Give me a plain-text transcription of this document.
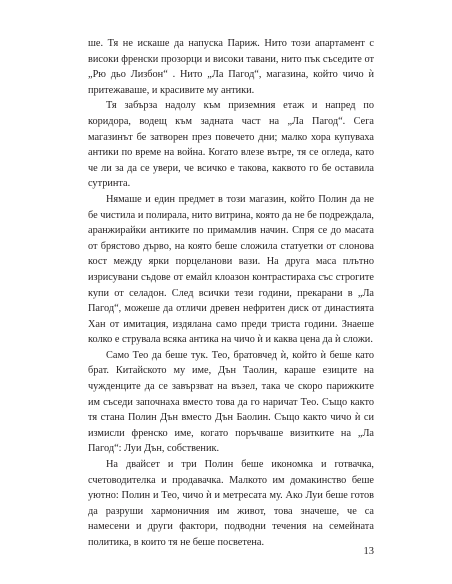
ше. Тя не искаше да напуска Париж. Нито този апартамент с високи френски прозорци и високи тавани, нито пък съседите от „Рю дьо Лизбон“ . Нито „Ла Пагод“, магазина, който чичо ѝ притежаваше, и красивите му антики.

Тя забърза надолу към приземния етаж и напред по коридора, водещ към задната част на „Ла Пагод“. Сега магазинът бе затворен през повечето дни; малко хора купуваха антики по време на война. Когато влезе вътре, тя се огледа, като че ли за да се увери, че всичко е такова, каквото го бе оставила сутринта.

Нямаше и един предмет в този магазин, който Полин да не бе чистила и полирала, нито витрина, която да не бе подреждала, аранжирайки антиките по примамлив начин. Спря се до масата от брястово дърво, на която беше сложила статуетки от слонова кост между ярки порцеланови вази. На друга маса плътно изрисувани съдове от емайл клоазон контрастираха със строгите купи от селадон. След всички тези години, прекарани в „Ла Пагод“, можеше да отличи древен нефритен диск от династията Хан от имитация, издялана само преди триста години. Знаеше колко е струвала всяка антика на чичо ѝ и каква цена да ѝ сложи.

Само Тео да беше тук. Тео, братовчед ѝ, който ѝ беше като брат. Китайското му име, Дън Таолин, караше езиците на чужденците да се завързват на възел, така че скоро парижките им съседи започнаха вместо това да го наричат Тео. Също както тя стана Полин Дън вместо Дън Баолин. Също както чичо ѝ си измисли френско име, когато поръчваше визитките на „Ла Пагод“: Луи Дън, собственик.

На двайсет и три Полин беше икономка и готвачка, счетоводителка и продавачка. Малкото им домакинство беше уютно: Полин и Тео, чичо ѝ и метресата му. Ако Луи беше готов да разруши хармоничния им живот, това значеше, че са намесени и други фактори, подводни течения на семейната политика, в които тя не беше посветена.

13
